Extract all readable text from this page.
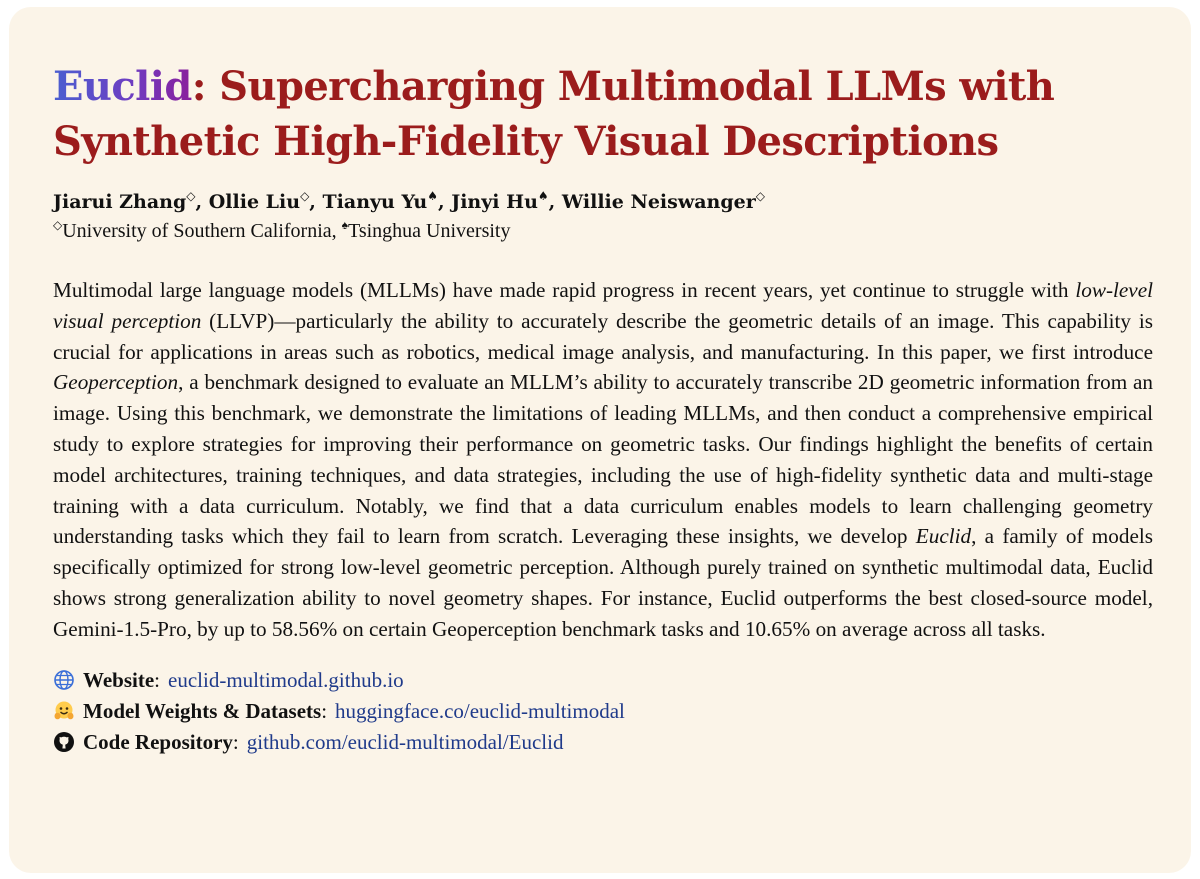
Euclid: Supercharging Multimodal LLMs with
Synthetic High-Fidelity Visual Descriptions
Jiarui Zhang◇, Ollie Liu◇, Tianyu Yu♠, Jinyi Hu♠, Willie Neiswanger◇
◇University of Southern California, ♠Tsinghua University
Multimodal large language models (MLLMs) have made rapid progress in recent years, yet continue to struggle with low-level visual perception (LLVP)—particularly the ability to accurately describe the geometric details of an image. This capability is crucial for applications in areas such as robotics, medical image analysis, and manufacturing. In this paper, we first introduce Geoperception, a benchmark designed to evaluate an MLLM’s ability to accurately transcribe 2D geometric information from an image. Using this benchmark, we demonstrate the limitations of leading MLLMs, and then conduct a comprehensive empirical study to explore strategies for improving their performance on geometric tasks. Our findings highlight the benefits of certain model architectures, training techniques, and data strategies, including the use of high-fidelity synthetic data and multi-stage training with a data curriculum. Notably, we find that a data curriculum enables models to learn challenging geometry understanding tasks which they fail to learn from scratch. Leveraging these insights, we develop Euclid, a family of models specifically optimized for strong low-level geometric perception. Although purely trained on synthetic multimodal data, Euclid shows strong generalization ability to novel geometry shapes. For instance, Euclid outperforms the best closed-source model, Gemini-1.5-Pro, by up to 58.56% on certain Geoperception benchmark tasks and 10.65% on average across all tasks.
Website : euclid-multimodal.github.io
Model Weights & Datasets : huggingface.co/euclid-multimodal
Code Repository : github.com/euclid-multimodal/Euclid
